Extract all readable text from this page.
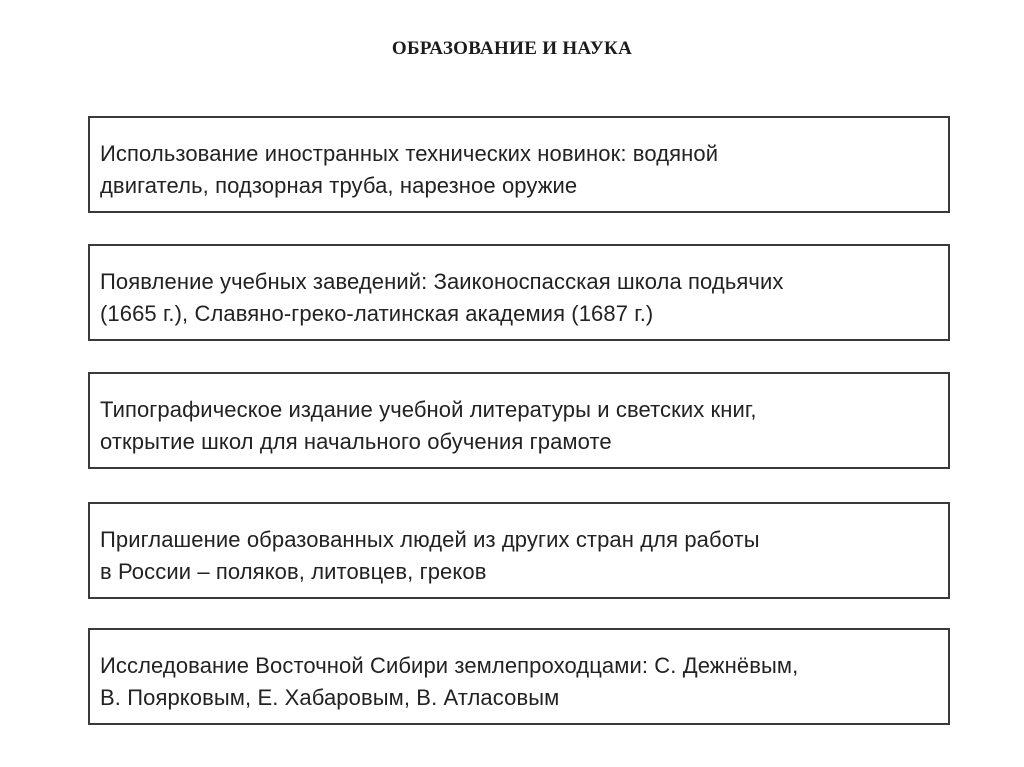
ОБРАЗОВАНИЕ И НАУКА
Использование иностранных технических новинок: водяной
двигатель, подзорная труба, нарезное оружие
Появление учебных заведений: Заиконоспасская школа подьячих
(1665 г.), Славяно-греко-латинская академия (1687 г.)
Типографическое издание учебной литературы и светских книг,
открытие школ для начального обучения грамоте
Приглашение образованных людей из других стран для работы
в России – поляков, литовцев, греков
Исследование Восточной Сибири землепроходцами: С. Дежнёвым,
В. Поярковым, Е. Хабаровым, В. Атласовым
